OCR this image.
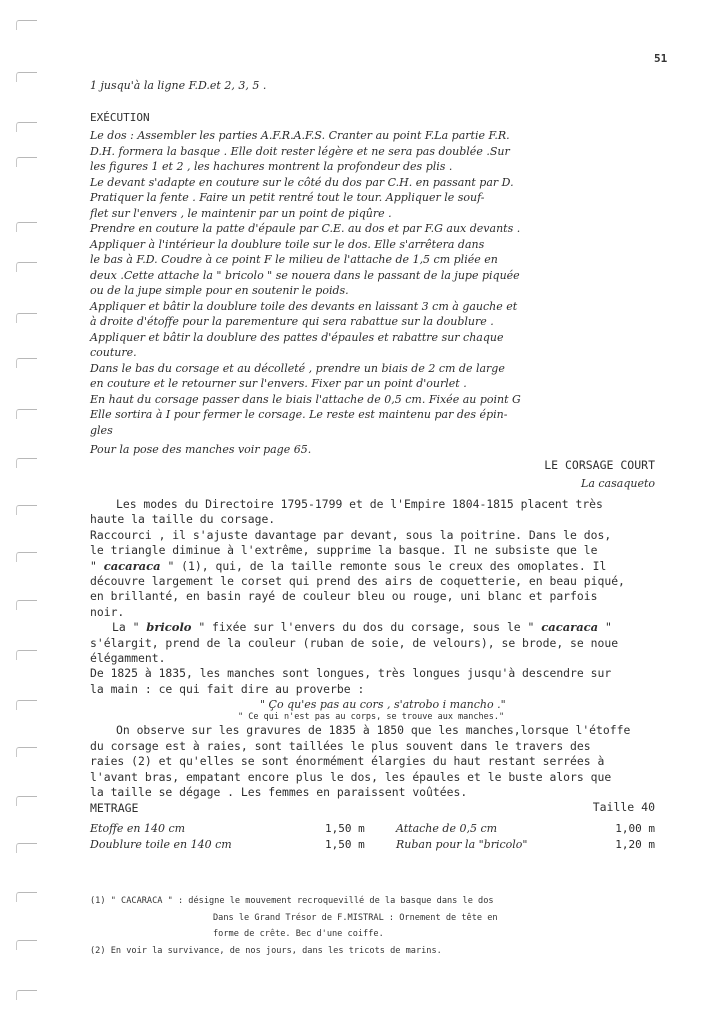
51
1 jusqu'à la ligne F.D.et 2, 3, 5 .
EXÉCUTION
Le dos : Assembler les parties A.F.R.A.F.S. Cranter au point F.La partie F.R.
D.H. formera la basque . Elle doit rester légère et ne sera pas doublée .Sur
les figures 1 et 2 , les hachures montrent la profondeur des plis .
Le devant s'adapte en couture sur le côté du dos par C.H. en passant par D.
Pratiquer la fente . Faire un petit rentré tout le tour. Appliquer le souf-
flet sur l'envers , le maintenir par un point de piqûre .
Prendre en couture la patte d'épaule par C.E. au dos et par F.G aux devants .
Appliquer à l'intérieur la doublure toile sur le dos. Elle s'arrêtera dans
le bas à F.D. Coudre à ce point F le milieu de l'attache de 1,5 cm pliée en
deux .Cette attache la " bricolo " se nouera dans le passant de la jupe piquée
ou de la jupe simple pour en soutenir le poids.
Appliquer et bâtir la doublure toile des devants en laissant 3 cm à gauche et
à droite d'étoffe pour la parementure qui sera rabattue sur la doublure .
Appliquer et bâtir la doublure des pattes d'épaules et rabattre sur chaque
couture.
Dans le bas du corsage et au décolleté , prendre un biais de 2 cm de large
en couture et le retourner sur l'envers. Fixer par un point d'ourlet .
En haut du corsage passer dans le biais l'attache de 0,5 cm. Fixée au point G
Elle sortira à I pour fermer le corsage. Le reste est maintenu par des épin-
gles
Pour la pose des manches voir page 65.
LE CORSAGE COURT
La casaqueto
Les modes du Directoire 1795-1799 et de l'Empire 1804-1815 placent très
haute la taille du corsage.
Raccourci , il s'ajuste davantage par devant, sous la poitrine. Dans le dos,
le triangle diminue à l'extrême, supprime la basque. Il ne subsiste que le
" cacaraca " (1), qui, de la taille remonte sous le creux des omoplates. Il
découvre largement le corset qui prend des airs de coquetterie, en beau piqué,
en brillanté, en basin rayé de couleur bleu ou rouge, uni blanc et parfois
noir.
La " bricolo " fixée sur l'envers du dos du corsage, sous le " cacaraca "
s'élargit, prend de la couleur (ruban de soie, de velours), se brode, se noue
élégamment.
De 1825 à 1835, les manches sont longues, très longues jusqu'à descendre sur
la main : ce qui fait dire au proverbe :
" Ço qu'es pas au cors , s'atrobo i mancho ."
" Ce qui n'est pas au corps, se trouve aux manches."
On observe sur les gravures de 1835 à 1850 que les manches,lorsque l'étoffe
du corsage est à raies, sont taillées le plus souvent dans le travers des
raies (2) et qu'elles se sont énormément élargies du haut restant serrées à
l'avant bras, empatant encore plus le dos, les épaules et le buste alors que
la taille se dégage . Les femmes en paraissent voûtées.
METRAGE	Taille 40
Etoffe en 140 cm	1,50 m	Attache de 0,5 cm	1,00 m
Doublure toile en 140 cm	1,50 m	Ruban pour la "bricolo"	1,20 m
(1) " CACARACA " : désigne le mouvement recroquevillé de la basque dans le dos
Dans le Grand Trésor de F.MISTRAL : Ornement de tête en
forme de crête. Bec d'une coiffe.
(2) En voir la survivance, de nos jours, dans les tricots de marins.
